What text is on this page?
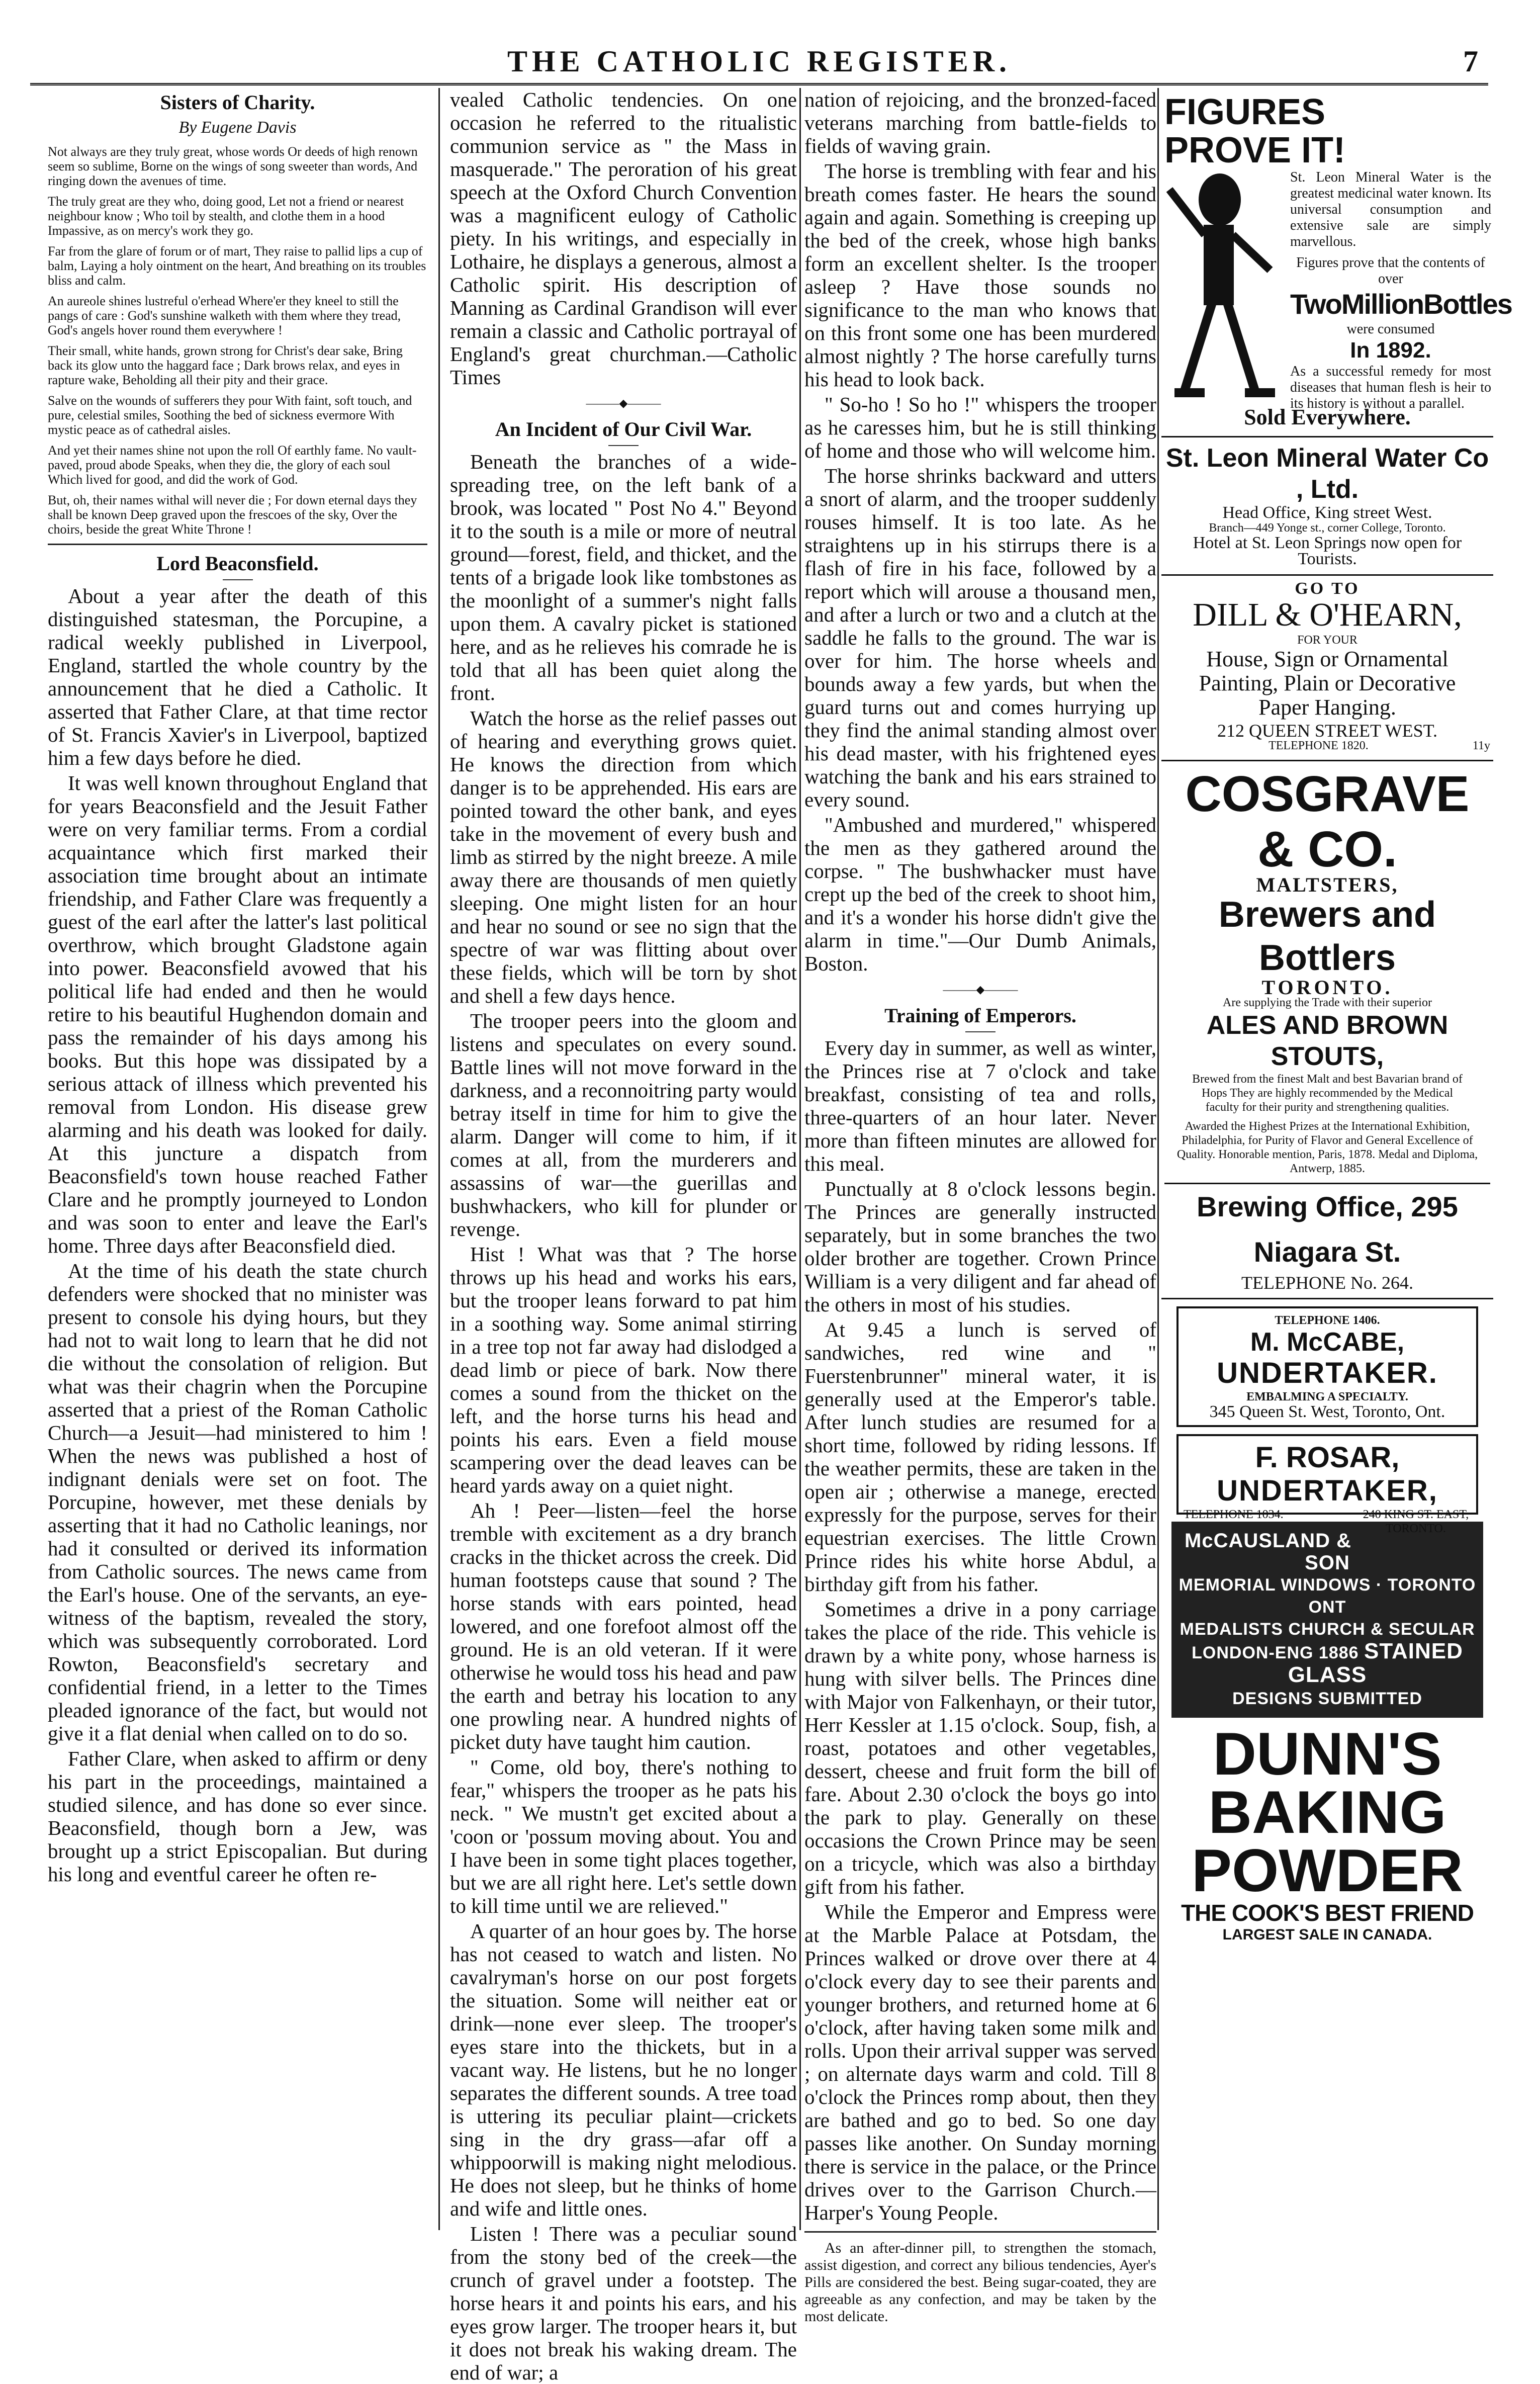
THE CATHOLIC REGISTER.	7
Sisters of Charity.
By Eugene Davis

Not always are they truly great, whose words Or deeds of high renown seem so sublime, Borne on the wings of song sweeter than words, And ringing down the avenues of time.

The truly great are they who, doing good, Let not a friend or nearest neighbour know ; Who toil by stealth, and clothe them in a hood Impassive, as on mercy's work they go.

Far from the glare of forum or of mart, They raise to pallid lips a cup of balm, Laying a holy ointment on the heart, And breathing on its troubles bliss and calm.

An aureole shines lustreful o'erhead Where'er they kneel to still the pangs of care : God's sunshine walketh with them where they tread, God's angels hover round them everywhere !

Their small, white hands, grown strong for Christ's dear sake, Bring back its glow unto the haggard face ; Dark brows relax, and eyes in rapture wake, Beholding all their pity and their grace.

Salve on the wounds of sufferers they pour With faint, soft touch, and pure, celestial smiles, Soothing the bed of sickness evermore With mystic peace as of cathedral aisles.

And yet their names shine not upon the roll Of earthly fame. No vault-paved, proud abode Speaks, when they die, the glory of each soul Which lived for good, and did the work of God.

But, oh, their names withal will never die ; For down eternal days they shall be known Deep graved upon the frescoes of the sky, Over the choirs, beside the great White Throne !

Lord Beaconsfield.

About a year after the death of this distinguished statesman, the Porcupine, a radical weekly published in Liverpool, England, startled the whole country by the announcement that he died a Catholic. It asserted that Father Clare, at that time rector of St. Francis Xavier's in Liverpool, baptized him a few days before he died.

It was well known throughout England that for years Beaconsfield and the Jesuit Father were on very familiar terms. From a cordial acquaintance which first marked their association time brought about an intimate friendship, and Father Clare was frequently a guest of the earl after the latter's last political overthrow, which brought Gladstone again into power. Beaconsfield avowed that his political life had ended and then he would retire to his beautiful Hughendon domain and pass the remainder of his days among his books. But this hope was dissipated by a serious attack of illness which prevented his removal from London. His disease grew alarming and his death was looked for daily. At this juncture a dispatch from Beaconsfield's town house reached Father Clare and he promptly journeyed to London and was soon to enter and leave the Earl's home. Three days after Beaconsfield died.

At the time of his death the state church defenders were shocked that no minister was present to console his dying hours, but they had not to wait long to learn that he did not die without the consolation of religion. But what was their chagrin when the Porcupine asserted that a priest of the Roman Catholic Church—a Jesuit—had ministered to him ! When the news was published a host of indignant denials were set on foot. The Porcupine, however, met these denials by asserting that it had no Catholic leanings, nor had it consulted or derived its information from Catholic sources. The news came from the Earl's house. One of the servants, an eye-witness of the baptism, revealed the story, which was subsequently corroborated. Lord Rowton, Beaconsfield's secretary and confidential friend, in a letter to the Times pleaded ignorance of the fact, but would not give it a flat denial when called on to do so.

Father Clare, when asked to affirm or deny his part in the proceedings, maintained a studied silence, and has done so ever since. Beaconsfield, though born a Jew, was brought up a strict Episcopalian. But during his long and eventful career he often re-

vealed Catholic tendencies. On one occasion he referred to the ritualistic communion service as " the Mass in masquerade." The peroration of his great speech at the Oxford Church Convention was a magnificent eulogy of Catholic piety. In his writings, and especially in Lothaire, he displays a generous, almost a Catholic spirit. His description of Manning as Cardinal Grandison will ever remain a classic and Catholic portrayal of England's great churchman.—Catholic Times

———◆———
An Incident of Our Civil War.

Beneath the branches of a wide-spreading tree, on the left bank of a brook, was located " Post No 4." Beyond it to the south is a mile or more of neutral ground—forest, field, and thicket, and the tents of a brigade look like tombstones as the moonlight of a summer's night falls upon them. A cavalry picket is stationed here, and as he relieves his comrade he is told that all has been quiet along the front.

Watch the horse as the relief passes out of hearing and everything grows quiet. He knows the direction from which danger is to be apprehended. His ears are pointed toward the other bank, and eyes take in the movement of every bush and limb as stirred by the night breeze. A mile away there are thousands of men quietly sleeping. One might listen for an hour and hear no sound or see no sign that the spectre of war was flitting about over these fields, which will be torn by shot and shell a few days hence.

The trooper peers into the gloom and listens and speculates on every sound. Battle lines will not move forward in the darkness, and a reconnoitring party would betray itself in time for him to give the alarm. Danger will come to him, if it comes at all, from the murderers and assassins of war—the guerillas and bushwhackers, who kill for plunder or revenge.

Hist ! What was that ? The horse throws up his head and works his ears, but the trooper leans forward to pat him in a soothing way. Some animal stirring in a tree top not far away had dislodged a dead limb or piece of bark. Now there comes a sound from the thicket on the left, and the horse turns his head and points his ears. Even a field mouse scampering over the dead leaves can be heard yards away on a quiet night.

Ah ! Peer—listen—feel the horse tremble with excitement as a dry branch cracks in the thicket across the creek. Did human footsteps cause that sound ? The horse stands with ears pointed, head lowered, and one forefoot almost off the ground. He is an old veteran. If it were otherwise he would toss his head and paw the earth and betray his location to any one prowling near. A hundred nights of picket duty have taught him caution.

" Come, old boy, there's nothing to fear," whispers the trooper as he pats his neck. " We mustn't get excited about a 'coon or 'possum moving about. You and I have been in some tight places together, but we are all right here. Let's settle down to kill time until we are relieved."

A quarter of an hour goes by. The horse has not ceased to watch and listen. No cavalryman's horse on our post forgets the situation. Some will neither eat or drink—none ever sleep. The trooper's eyes stare into the thickets, but in a vacant way. He listens, but he no longer separates the different sounds. A tree toad is uttering its peculiar plaint—crickets sing in the dry grass—afar off a whippoorwill is making night melodious. He does not sleep, but he thinks of home and wife and little ones.

Listen ! There was a peculiar sound from the stony bed of the creek—the crunch of gravel under a footstep. The horse hears it and points his ears, and his eyes grow larger. The trooper hears it, but it does not break his waking dream. The end of war; a

nation of rejoicing, and the bronzed-faced veterans marching from battle-fields to fields of waving grain.

The horse is trembling with fear and his breath comes faster. He hears the sound again and again. Something is creeping up the bed of the creek, whose high banks form an excellent shelter. Is the trooper asleep ? Have those sounds no significance to the man who knows that on this front some one has been murdered almost nightly ? The horse carefully turns his head to look back.

" So-ho ! So ho !" whispers the trooper as he caresses him, but he is still thinking of home and those who will welcome him.

The horse shrinks backward and utters a snort of alarm, and the trooper suddenly rouses himself. It is too late. As he straightens up in his stirrups there is a flash of fire in his face, followed by a report which will arouse a thousand men, and after a lurch or two and a clutch at the saddle he falls to the ground. The war is over for him. The horse wheels and bounds away a few yards, but when the guard turns out and comes hurrying up they find the animal standing almost over his dead master, with his frightened eyes watching the bank and his ears strained to every sound.

"Ambushed and murdered," whispered the men as they gathered around the corpse. " The bushwhacker must have crept up the bed of the creek to shoot him, and it's a wonder his horse didn't give the alarm in time."—Our Dumb Animals, Boston.

———◆———
Training of Emperors.

Every day in summer, as well as winter, the Princes rise at 7 o'clock and take breakfast, consisting of tea and rolls, three-quarters of an hour later. Never more than fifteen minutes are allowed for this meal.

Punctually at 8 o'clock lessons begin. The Princes are generally instructed separately, but in some branches the two older brother are together. Crown Prince William is a very diligent and far ahead of the others in most of his studies.

At 9.45 a lunch is served of sandwiches, red wine and " Fuerstenbrunner" mineral water, it is generally used at the Emperor's table. After lunch studies are resumed for a short time, followed by riding lessons. If the weather permits, these are taken in the open air ; otherwise a manege, erected expressly for the purpose, serves for their equestrian exercises. The little Crown Prince rides his white horse Abdul, a birthday gift from his father.

Sometimes a drive in a pony carriage takes the place of the ride. This vehicle is drawn by a white pony, whose harness is hung with silver bells. The Princes dine with Major von Falkenhayn, or their tutor, Herr Kessler at 1.15 o'clock. Soup, fish, a roast, potatoes and other vegetables, dessert, cheese and fruit form the bill of fare. About 2.30 o'clock the boys go into the park to play. Generally on these occasions the Crown Prince may be seen on a tricycle, which was also a birthday gift from his father.

While the Emperor and Empress were at the Marble Palace at Potsdam, the Princes walked or drove over there at 4 o'clock every day to see their parents and younger brothers, and returned home at 6 o'clock, after having taken some milk and rolls. Upon their arrival supper was served ; on alternate days warm and cold. Till 8 o'clock the Princes romp about, then they are bathed and go to bed. So one day passes like another. On Sunday morning there is service in the palace, or the Prince drives over to the Garrison Church.—Harper's Young People.

As an after-dinner pill, to strengthen the stomach, assist digestion, and correct any bilious tendencies, Ayer's Pills are considered the best. Being sugar-coated, they are agreeable as any confection, and may be taken by the most delicate.

FIGURES
PROVE IT!
St. Leon Mineral Water is the greatest medicinal water known. Its universal consumption and extensive sale are simply marvellous.
Figures prove that the contents of over
TwoMillionBottles
were consumed
In 1892.
As a successful remedy for most diseases that human flesh is heir to its history is without a parallel.
Sold Everywhere.
St. Leon Mineral Water Co , Ltd.
Head Office, King street West.
Branch—449 Yonge st., corner College, Toronto.
Hotel at St. Leon Springs now open for Tourists.
GO TO
DILL & O'HEARN,
FOR YOUR
House, Sign or Ornamental Painting, Plain or Decorative
Paper Hanging.
212 QUEEN STREET WEST.
TELEPHONE 1820.	11y
COSGRAVE & CO.
MALTSTERS,
Brewers and Bottlers
TORONTO.
Are supplying the Trade with their superior
ALES AND BROWN STOUTS,
Brewed from the finest Malt and best Bavarian brand of Hops They are highly recommended by the Medical faculty for their purity and strengthening qualities.
Awarded the Highest Prizes at the International Exhibition, Philadelphia, for Purity of Flavor and General Excellence of Quality. Honorable mention, Paris, 1878. Medal and Diploma, Antwerp, 1885.
Brewing Office, 295 Niagara St.
TELEPHONE No. 264.
TELEPHONE 1406.
M. McCABE,
UNDERTAKER.
EMBALMING A SPECIALTY.
345 Queen St. West, Toronto, Ont.
F. ROSAR,
UNDERTAKER,
TELEPHONE 1034.	240 KING ST. EAST, TORONTO.
McCAUSLAND & SON
MEMORIAL WINDOWS · TORONTO ONT
MEDALISTS CHURCH & SECULAR
LONDON-ENG 1886 STAINED GLASS
DESIGNS SUBMITTED
DUNN'S
BAKING
POWDER
THE COOK'S BEST FRIEND
LARGEST SALE IN CANADA.
